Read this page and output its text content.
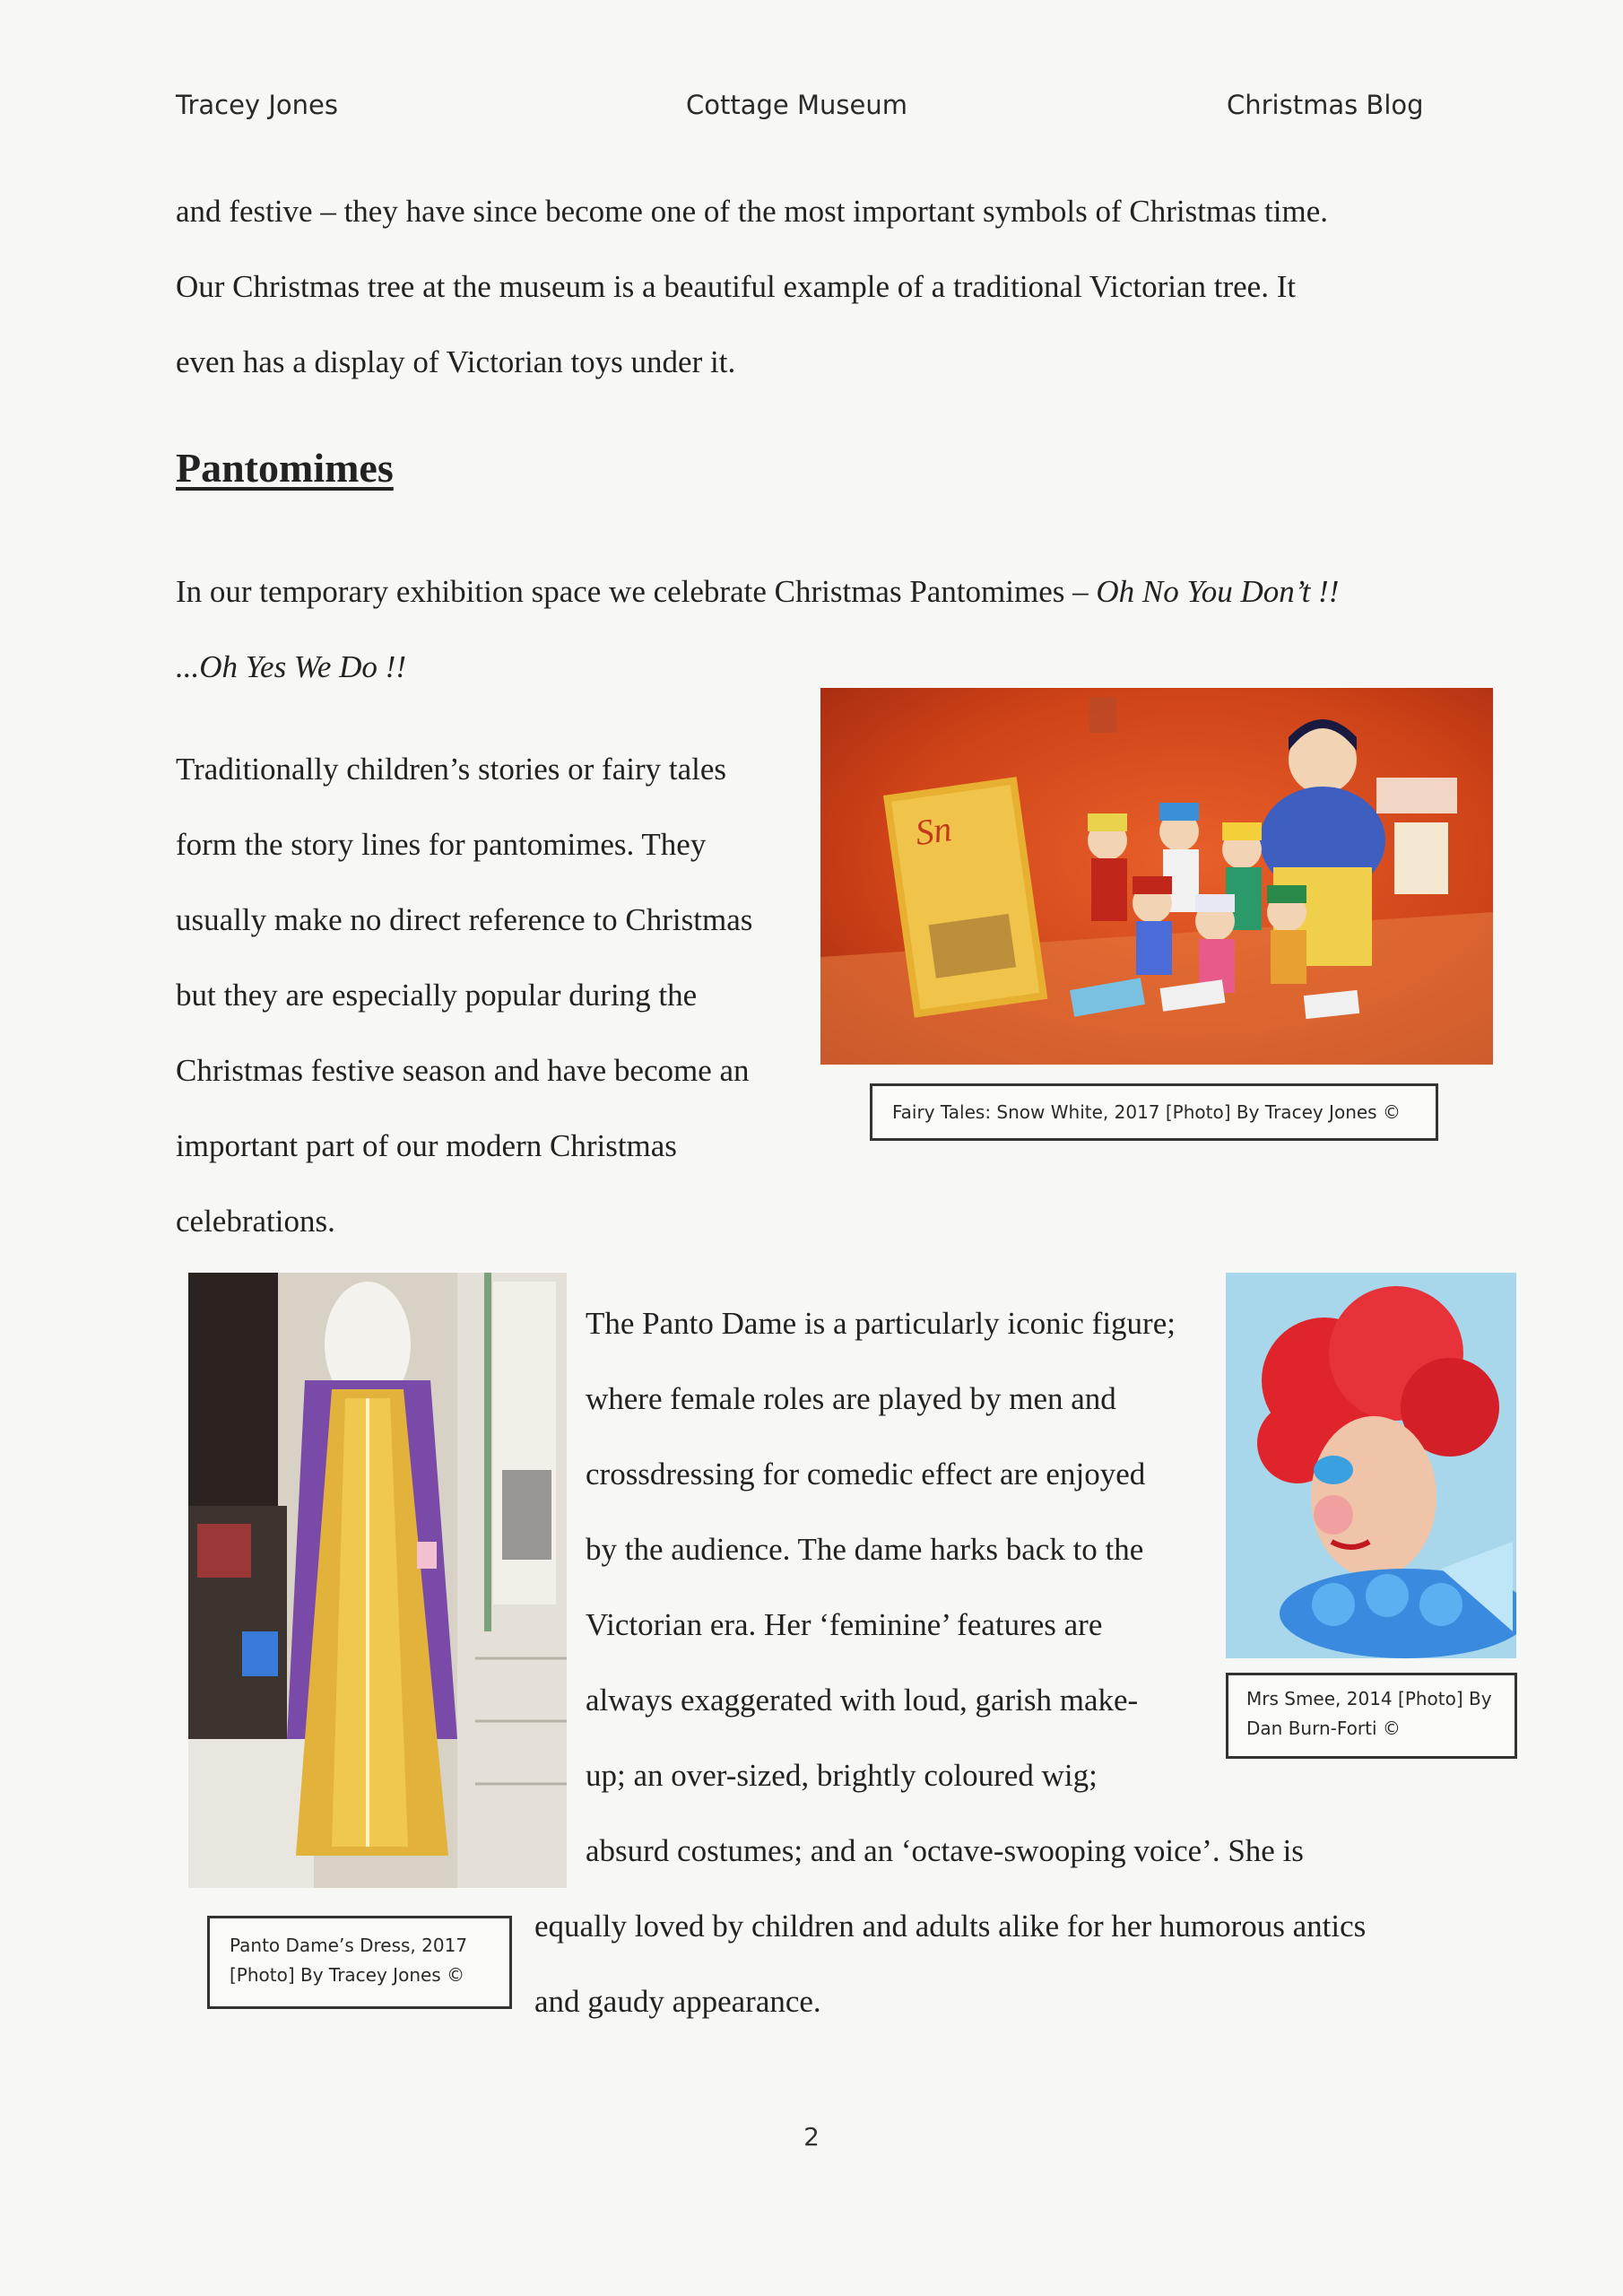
Tracey Jones	Cottage Museum	Christmas Blog

and festive – they have since become one of the most important symbols of Christmas time.
Our Christmas tree at the museum is a beautiful example of a traditional Victorian tree. It
even has a display of Victorian toys under it.

Pantomimes

In our temporary exhibition space we celebrate Christmas Pantomimes – Oh No You Don’t !!
...Oh Yes We Do !!

Traditionally children’s stories or fairy tales
form the story lines for pantomimes. They
usually make no direct reference to Christmas
but they are especially popular during the
Christmas festive season and have become an
important part of our modern Christmas
celebrations.

Sn
Fairy Tales: Snow White, 2017 [Photo] By Tracey Jones ©
Panto Dame’s Dress, 2017
[Photo] By Tracey Jones ©

The Panto Dame is a particularly iconic figure;
where female roles are played by men and
crossdressing for comedic effect are enjoyed
by the audience. The dame harks back to the
Victorian era. Her ‘feminine’ features are
always exaggerated with loud, garish make-
up; an over-sized, brightly coloured wig;
absurd costumes; and an ‘octave-swooping voice’. She is

equally loved by children and adults alike for her humorous antics
and gaudy appearance.

Mrs Smee, 2014 [Photo] By
Dan Burn-Forti ©
2
